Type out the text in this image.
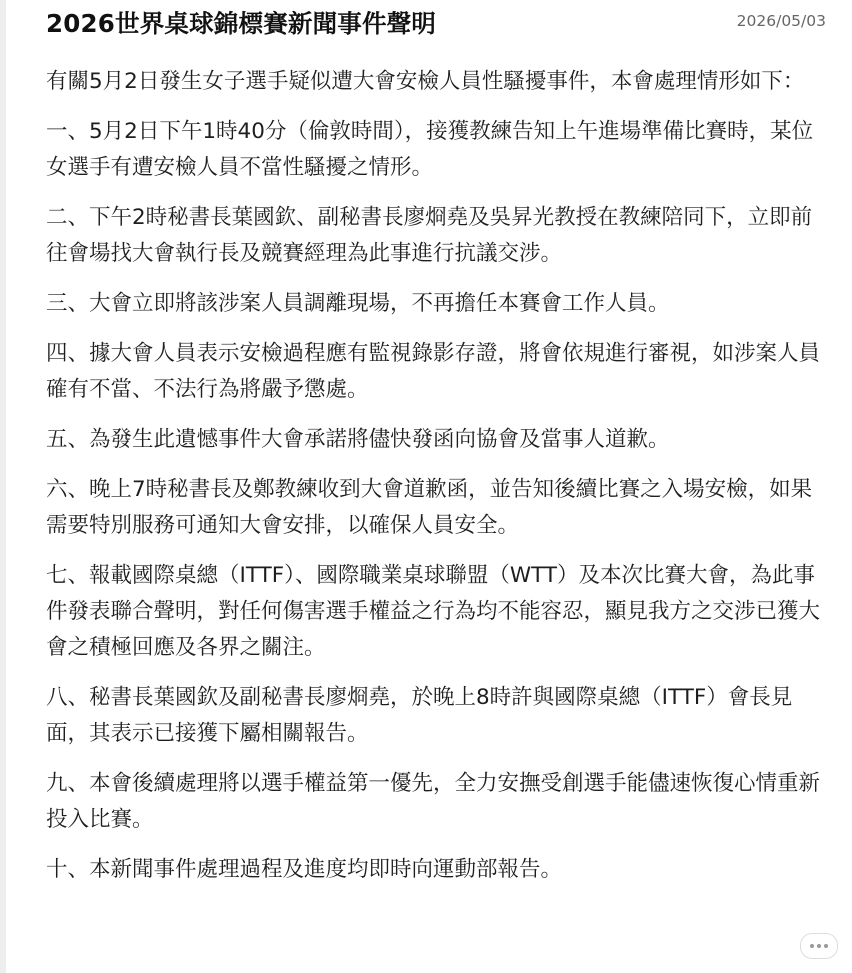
2026世界桌球錦標賽新聞事件聲明	2026/05/03

有關5月2日發生女子選手疑似遭大會安檢人員性騷擾事件，本會處理情形如下：

一、5月2日下午1時40分（倫敦時間），接獲教練告知上午進場準備比賽時，某位女選手有遭安檢人員不當性騷擾之情形。

二、下午2時秘書長葉國欽、副秘書長廖烱堯及吳昇光教授在教練陪同下，立即前往會場找大會執行長及競賽經理為此事進行抗議交涉。

三、大會立即將該涉案人員調離現場，不再擔任本賽會工作人員。

四、據大會人員表示安檢過程應有監視錄影存證，將會依規進行審視，如涉案人員確有不當、不法行為將嚴予懲處。

五、為發生此遺憾事件大會承諾將儘快發函向協會及當事人道歉。

六、晚上7時秘書長及鄭教練收到大會道歉函，並告知後續比賽之入場安檢，如果需要特別服務可通知大會安排，以確保人員安全。

七、報載國際桌總（ITTF）、國際職業桌球聯盟（WTT）及本次比賽大會，為此事件發表聯合聲明，對任何傷害選手權益之行為均不能容忍，顯見我方之交涉已獲大會之積極回應及各界之關注。

八、秘書長葉國欽及副秘書長廖烱堯，於晚上8時許與國際桌總（ITTF）會長見面，其表示已接獲下屬相關報告。

九、本會後續處理將以選手權益第一優先，全力安撫受創選手能儘速恢復心情重新投入比賽。

十、本新聞事件處理過程及進度均即時向運動部報告。
